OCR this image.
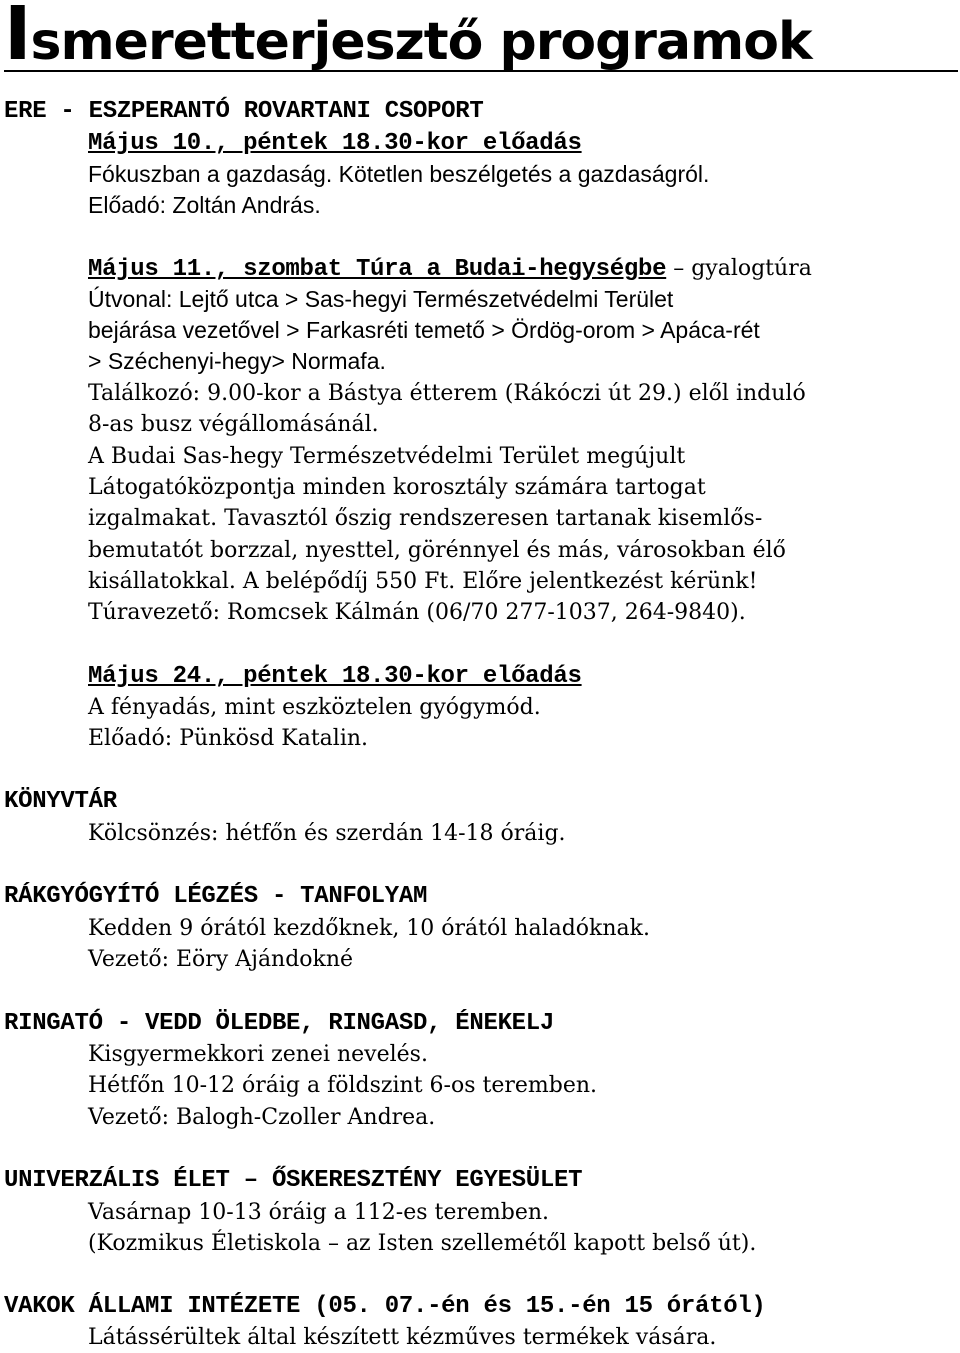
Ismeretterjesztő programok
ERE - ESZPERANTÓ ROVARTANI CSOPORT
Május 10., péntek 18.30-kor előadás
Fókuszban a gazdaság. Kötetlen beszélgetés a gazdaságról.
Előadó: Zoltán András.
Május 11., szombat Túra a Budai-hegységbe – gyalogtúra
Útvonal: Lejtő utca > Sas-hegyi Természetvédelmi Terület
bejárása vezetővel > Farkasréti temető > Ördög-orom > Apáca-rét
> Széchenyi-hegy> Normafa.
Találkozó: 9.00-kor a Bástya étterem (Rákóczi út 29.) elől induló
8-as busz végállomásánál.
A Budai Sas-hegy Természetvédelmi Terület megújult
Látogatóközpontja minden korosztály számára tartogat
izgalmakat. Tavasztól őszig rendszeresen tartanak kisemlős-
bemutatót borzzal, nyesttel, görénnyel és más, városokban élő
kisállatokkal. A belépődíj 550 Ft. Előre jelentkezést kérünk!
Túravezető: Romcsek Kálmán (06/70 277-1037, 264-9840).
Május 24., péntek 18.30-kor előadás
A fényadás, mint eszköztelen gyógymód.
Előadó: Pünkösd Katalin.
KÖNYVTÁR
Kölcsönzés: hétfőn és szerdán 14-18 óráig.
RÁKGYÓGYÍTÓ LÉGZÉS - TANFOLYAM
Kedden 9 órától kezdőknek, 10 órától haladóknak.
Vezető: Eöry Ajándokné
RINGATÓ - VEDD ÖLEDBE, RINGASD, ÉNEKELJ
Kisgyermekkori zenei nevelés.
Hétfőn 10-12 óráig a földszint 6-os teremben.
Vezető: Balogh-Czoller Andrea.
UNIVERZÁLIS ÉLET – ŐSKERESZTÉNY EGYESÜLET
Vasárnap 10-13 óráig a 112-es teremben.
(Kozmikus Életiskola – az Isten szellemétől kapott belső út).
VAKOK ÁLLAMI INTÉZETE (05. 07.-én és 15.-én 15 órától)
Látássérültek által készített kézműves termékek vására.
